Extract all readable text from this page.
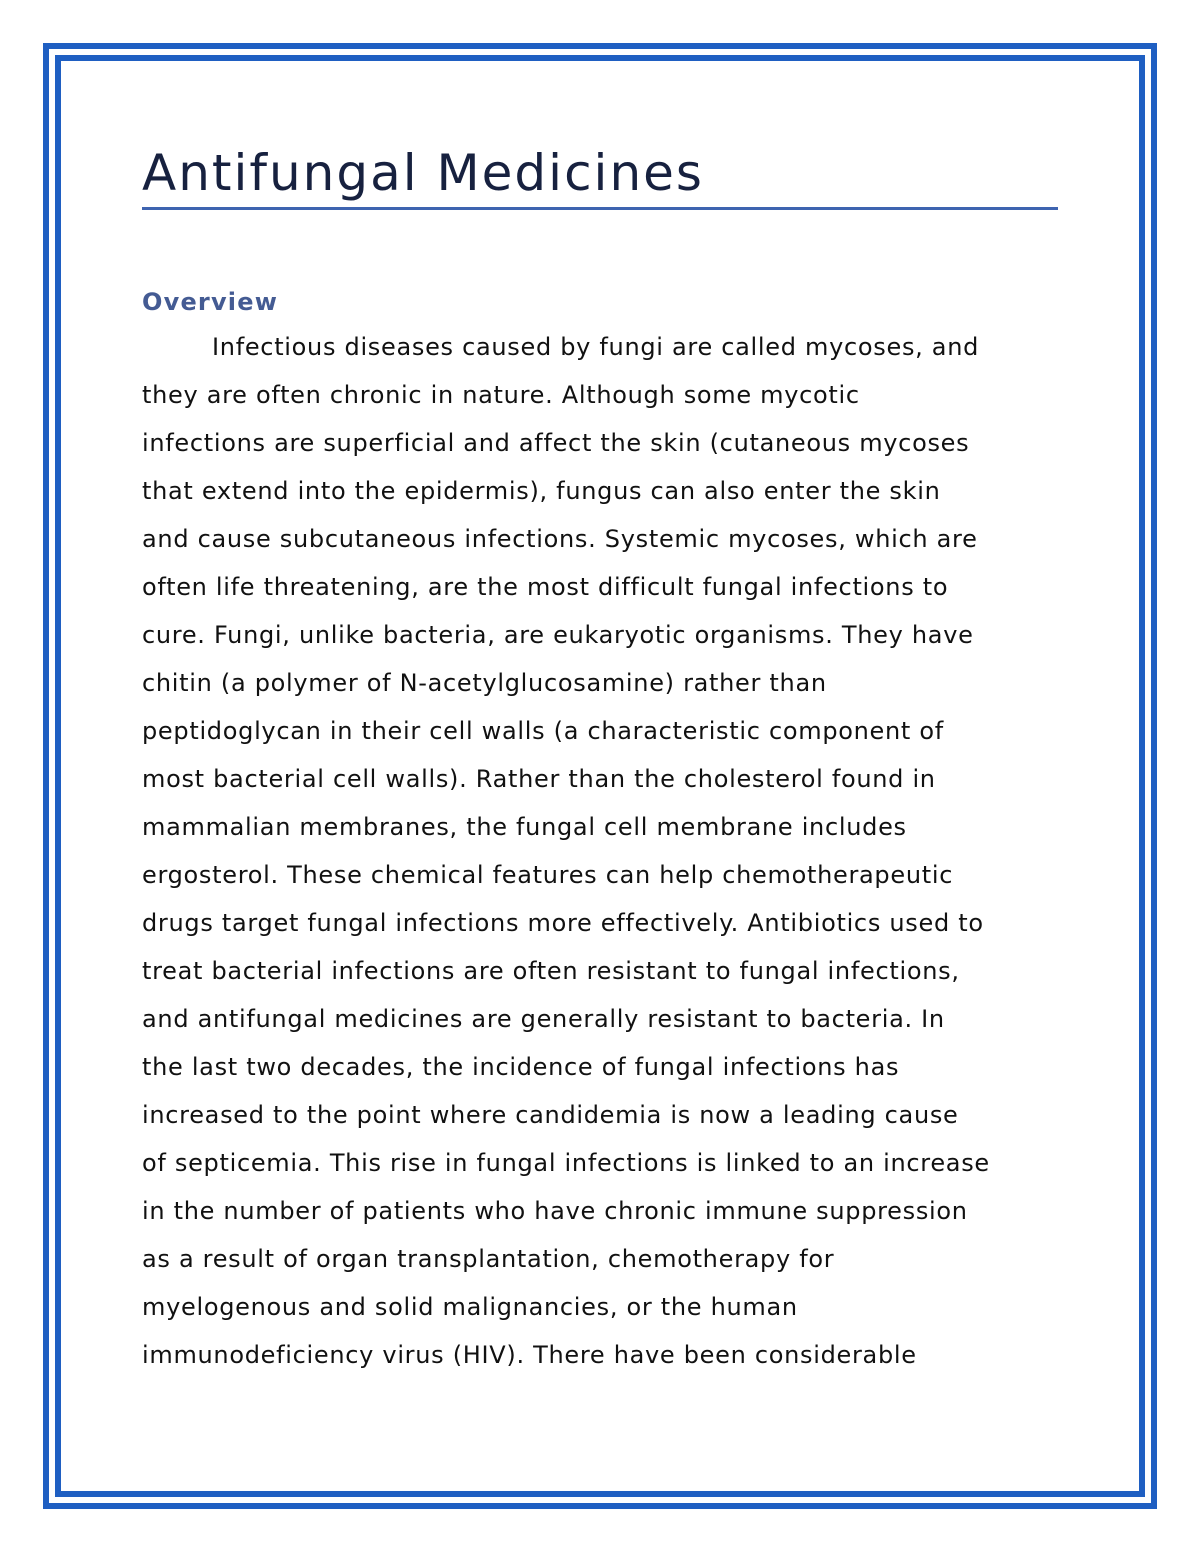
Antifungal Medicines
Overview
Infectious diseases caused by fungi are called mycoses, and
they are often chronic in nature. Although some mycotic
infections are superficial and affect the skin (cutaneous mycoses
that extend into the epidermis), fungus can also enter the skin
and cause subcutaneous infections. Systemic mycoses, which are
often life threatening, are the most difficult fungal infections to
cure. Fungi, unlike bacteria, are eukaryotic organisms. They have
chitin (a polymer of N-acetylglucosamine) rather than
peptidoglycan in their cell walls (a characteristic component of
most bacterial cell walls). Rather than the cholesterol found in
mammalian membranes, the fungal cell membrane includes
ergosterol. These chemical features can help chemotherapeutic
drugs target fungal infections more effectively. Antibiotics used to
treat bacterial infections are often resistant to fungal infections,
and antifungal medicines are generally resistant to bacteria. In
the last two decades, the incidence of fungal infections has
increased to the point where candidemia is now a leading cause
of septicemia. This rise in fungal infections is linked to an increase
in the number of patients who have chronic immune suppression
as a result of organ transplantation, chemotherapy for
myelogenous and solid malignancies, or the human
immunodeficiency virus (HIV). There have been considerable
